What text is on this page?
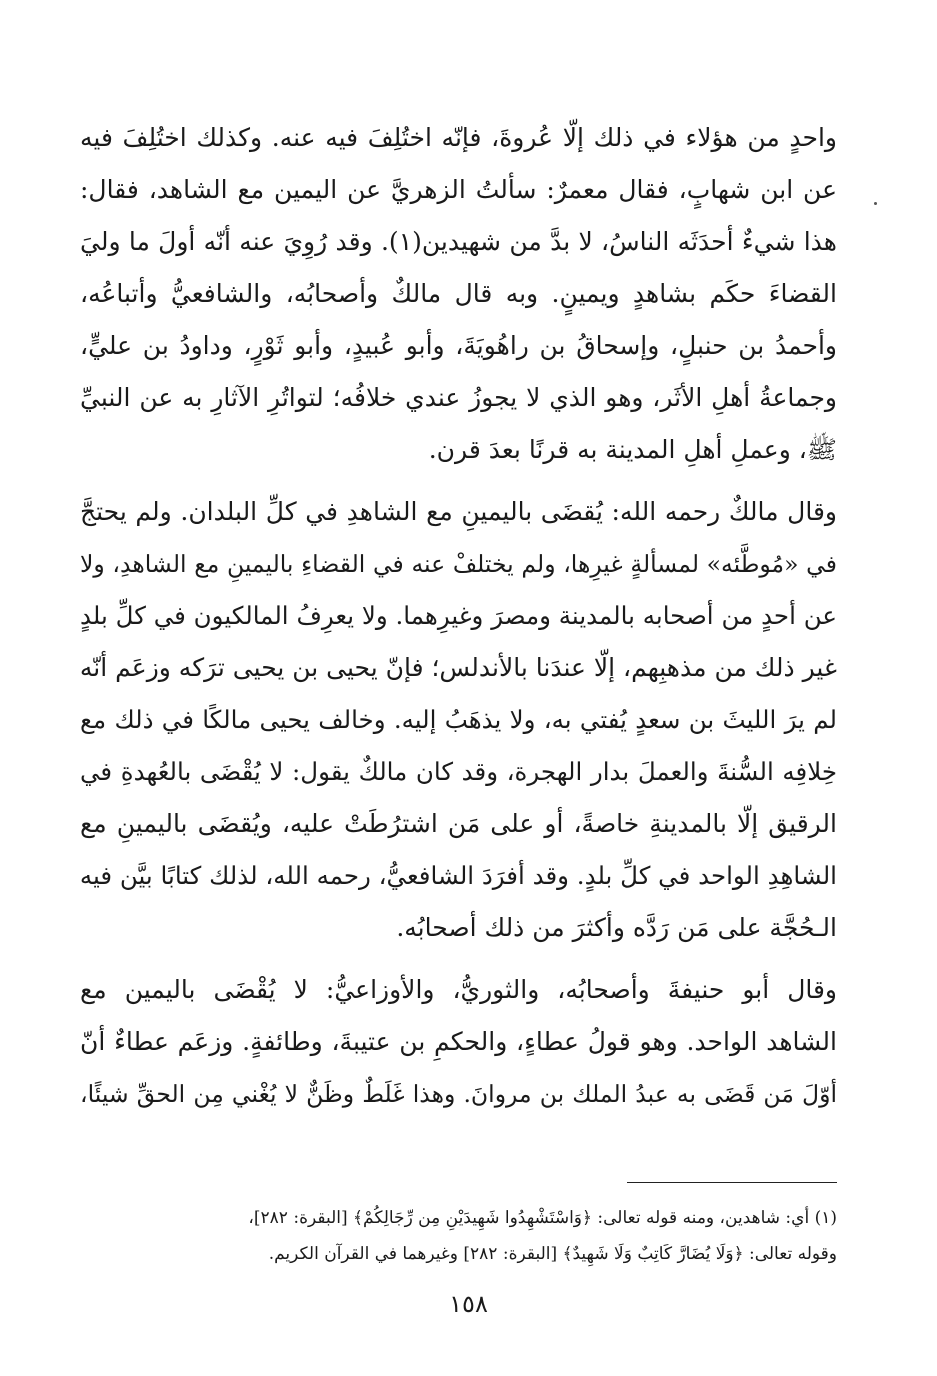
واحدٍ من هؤلاء في ذلك إلّا عُروةَ، فإنّه اختُلِفَ فيه عنه. وكذلك اختُلِفَ فيه
عن ابن شهابٍ، فقال معمرٌ: سألتُ الزهريَّ عن اليمين مع الشاهد، فقال:
هذا شيءٌ أحدَثَه الناسُ، لا بدَّ من شهيدين(١). وقد رُوِيَ عنه أنّه أولَ ما وليَ
القضاءَ حكَم بشاهدٍ ويمينٍ. وبه قال مالكٌ وأصحابُه، والشافعيُّ وأتباعُه،
وأحمدُ بن حنبلٍ، وإسحاقُ بن راهُويَةَ، وأبو عُبيدٍ، وأبو ثَوْرٍ، وداودُ بن عليٍّ،
وجماعةُ أهلِ الأثَر، وهو الذي لا يجوزُ عندي خلافُه؛ لتواتُرِ الآثارِ به عن النبيِّ
ﷺ، وعملِ أهلِ المدينة به قرنًا بعدَ قرن.
وقال مالكٌ رحمه الله: يُقضَى باليمينِ مع الشاهدِ في كلِّ البلدان. ولم يحتجَّ
في «مُوطَّئه» لمسألةٍ غيرِها، ولم يختلفْ عنه في القضاءِ باليمينِ مع الشاهدِ، ولا
عن أحدٍ من أصحابه بالمدينة ومصرَ وغيرِهما. ولا يعرِفُ المالكيون في كلِّ بلدٍ
غير ذلك من مذهبِهم، إلّا عندَنا بالأندلس؛ فإنّ يحيى بن يحيى ترَكه وزعَم أنّه
لم يرَ الليثَ بن سعدٍ يُفتي به، ولا يذهَبُ إليه. وخالف يحيى مالكًا في ذلك مع
خِلافِه السُّنةَ والعملَ بدار الهجرة، وقد كان مالكٌ يقول: لا يُقْضَى بالعُهدةِ في
الرقيق إلّا بالمدينةِ خاصةً، أو على مَن اشترُطَتْ عليه، ويُقضَى باليمينِ مع
الشاهِدِ الواحد في كلِّ بلدٍ. وقد أفرَدَ الشافعيُّ، رحمه الله، لذلك كتابًا بيَّن فيه
الـحُجَّة على مَن رَدَّه وأكثرَ من ذلك أصحابُه.
وقال أبو حنيفةَ وأصحابُه، والثوريُّ، والأوزاعيُّ: لا يُقْضَى باليمين مع
الشاهد الواحد. وهو قولُ عطاءٍ، والحكمِ بن عتيبةَ، وطائفةٍ. وزعَم عطاءٌ أنّ
أوّلَ مَن قَضَى به عبدُ الملك بن مروانَ. وهذا غَلَطٌ وظَنٌّ لا يُغْني مِن الحقِّ شيئًا،
(١) أي: شاهدين، ومنه قوله تعالى: ﴿وَاسْتَشْهِدُوا شَهِيدَيْنِ مِن رِّجَالِكُمْ﴾ [البقرة: ٢٨٢]،
وقوله تعالى: ﴿وَلَا يُضَارَّ كَاتِبٌ وَلَا شَهِيدٌ﴾ [البقرة: ٢٨٢] وغيرهما في القرآن الكريم.
١٥٨
